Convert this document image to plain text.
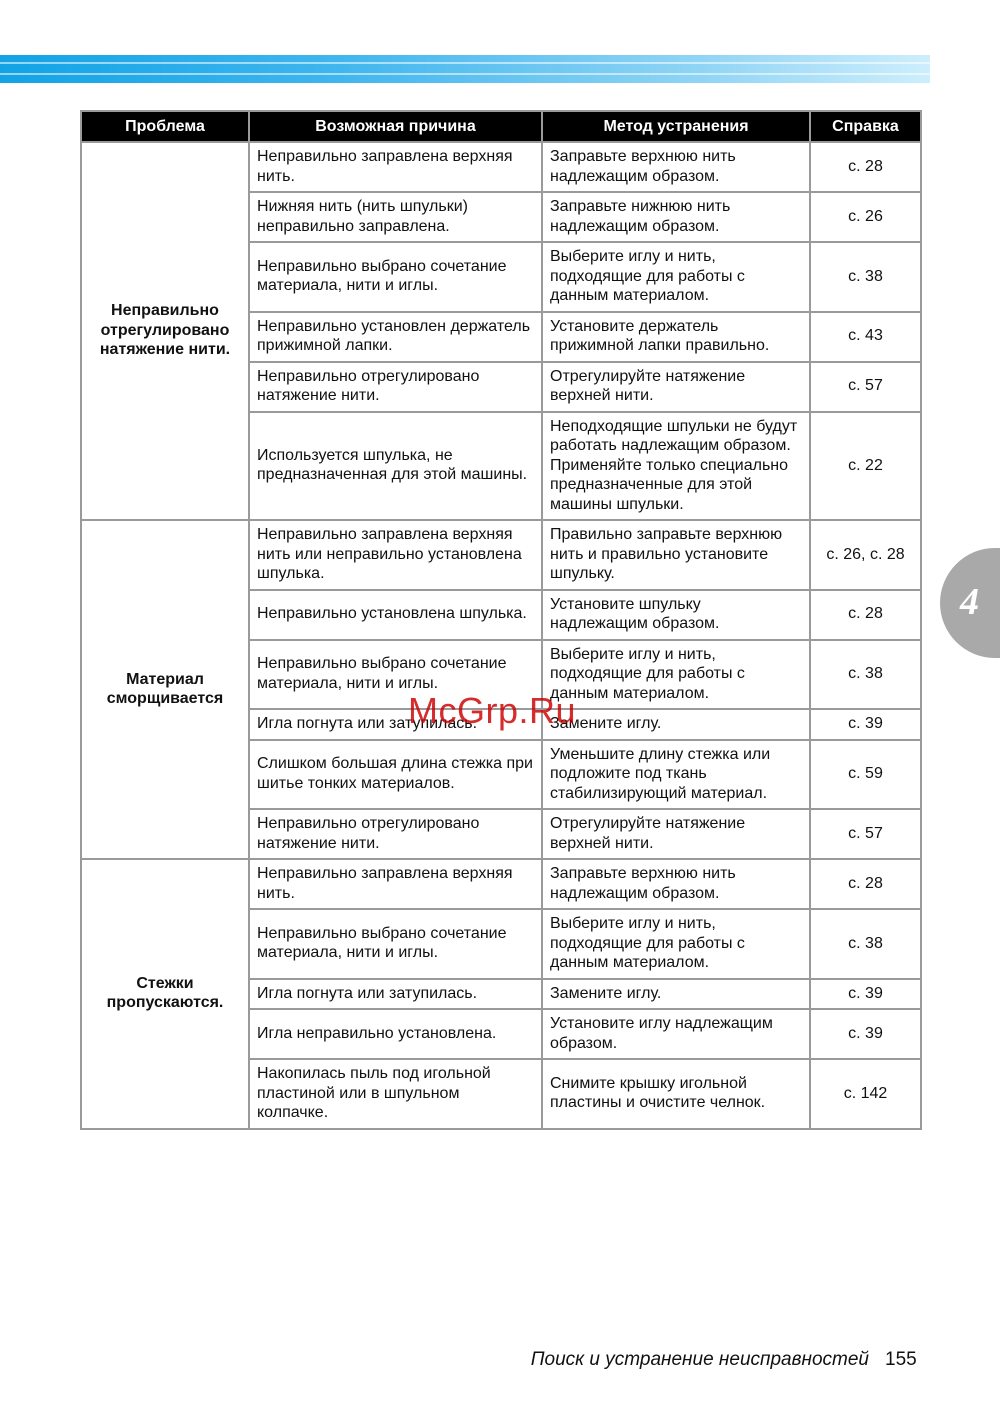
4
Проблема	Возможная причина	Метод устранения	Справка
Неправильно отрегулировано натяжение нити.	Неправильно заправлена верхняя нить.	Заправьте верхнюю нить надлежащим образом.	с. 28
	Нижняя нить (нить шпульки) неправильно заправлена.	Заправьте нижнюю нить надлежащим образом.	с. 26
	Неправильно выбрано сочетание материала, нити и иглы.	Выберите иглу и нить, подходящие для работы с данным материалом.	с. 38
	Неправильно установлен держатель прижимной лапки.	Установите держатель прижимной лапки правильно.	с. 43
	Неправильно отрегулировано натяжение нити.	Отрегулируйте натяжение верхней нити.	с. 57
	Используется шпулька, не предназначенная для этой машины.	Неподходящие шпульки не будут работать надлежащим образом. Применяйте только специально предназначенные для этой машины шпульки.	с. 22
Материал сморщивается	Неправильно заправлена верхняя нить или неправильно установлена шпулька.	Правильно заправьте верхнюю нить и правильно установите шпульку.	с. 26, с. 28
	Неправильно установлена шпулька.	Установите шпульку надлежащим образом.	с. 28
	Неправильно выбрано сочетание материала, нити и иглы.	Выберите иглу и нить, подходящие для работы с данным материалом.	с. 38
	Игла погнута или затупилась.	Замените иглу.	с. 39
	Слишком большая длина стежка при шитье тонких материалов.	Уменьшите длину стежка или подложите под ткань стабилизирующий материал.	с. 59
	Неправильно отрегулировано натяжение нити.	Отрегулируйте натяжение верхней нити.	с. 57
Стежки пропускаются.	Неправильно заправлена верхняя нить.	Заправьте верхнюю нить надлежащим образом.	с. 28
	Неправильно выбрано сочетание материала, нити и иглы.	Выберите иглу и нить, подходящие для работы с данным материалом.	с. 38
	Игла погнута или затупилась.	Замените иглу.	с. 39
	Игла неправильно установлена.	Установите иглу надлежащим образом.	с. 39
	Накопилась пыль под игольной пластиной или в шпульном колпачке.	Снимите крышку игольной пластины и очистите челнок.	с. 142
McGrp.Ru
Поиск и устранение неисправностей 155
